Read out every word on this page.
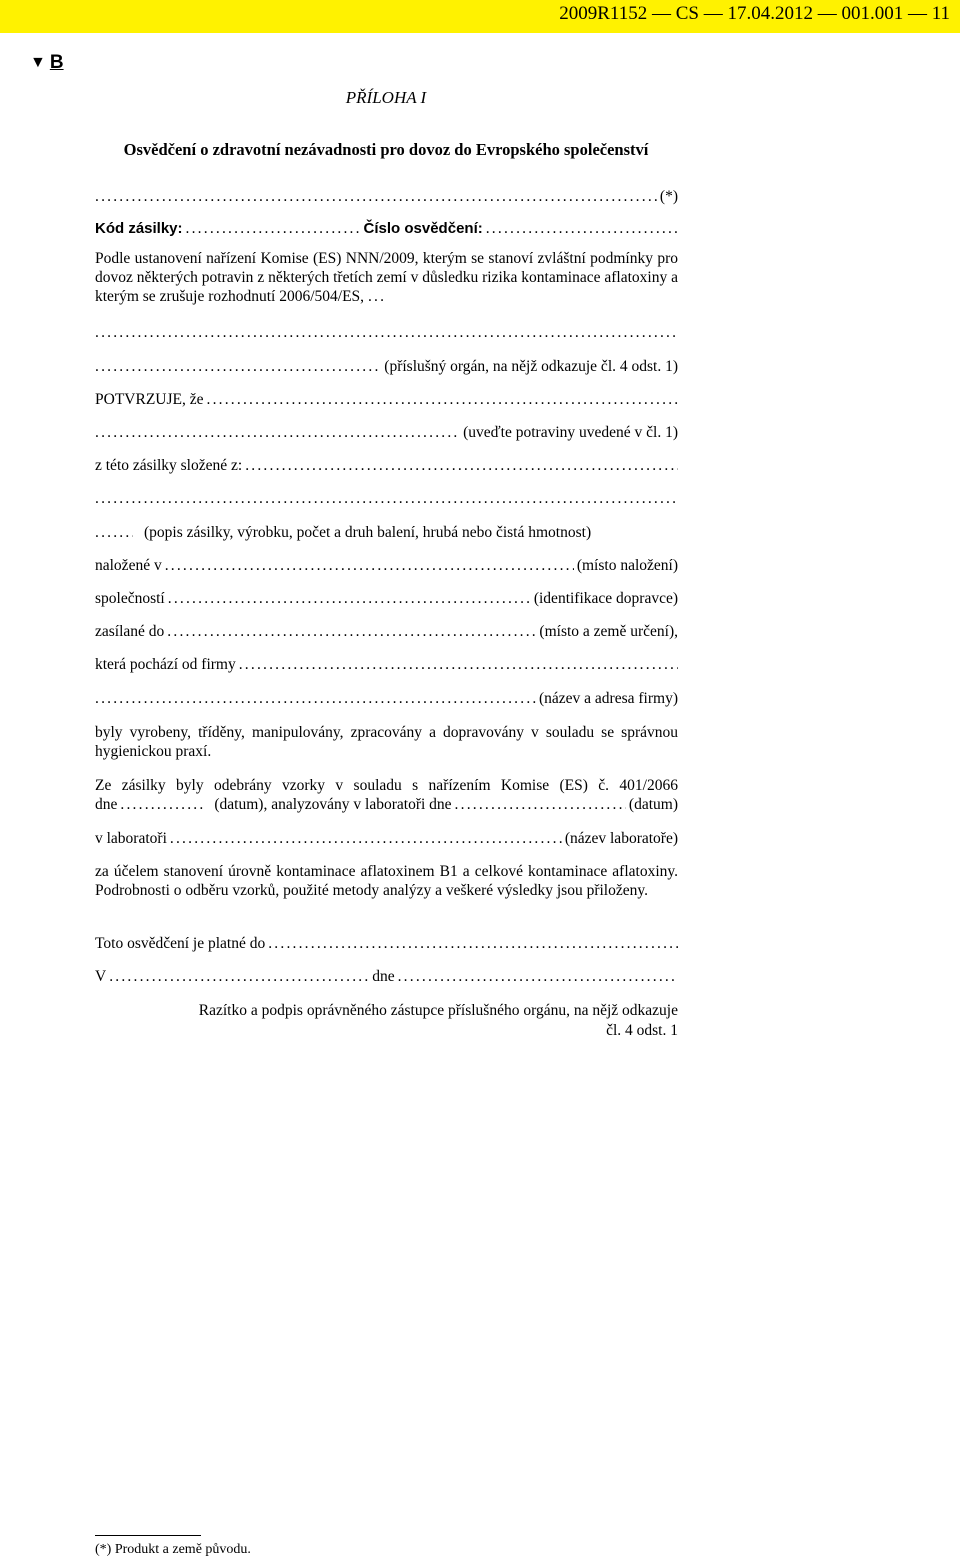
2009R1152 — CS — 17.04.2012 — 001.001 — 11
▼ B
PŘÍLOHA I
Osvědčení o zdravotní nezávadnosti pro dovoz do Evropského společenství
.....
(*)
Kód zásilky: .....	Číslo osvědčení:
.....
Podle ustanovení nařízení Komise (ES) NNN/2009, kterým se stanoví zvláštní podmínky pro dovoz některých potravin z některých třetích zemí v důsledku rizika kontaminace aflatoxiny a kterým se zrušuje rozhodnutí 2006/504/ES, ...
.....
.....
(příslušný orgán, na nějž odkazuje čl. 4 odst. 1)
POTVRZUJE, že
.....
.....
(uveďte potraviny uvedené v čl. 1)
z této zásilky složené z:
.....
.....
.....
(popis zásilky, výrobku, počet a druh balení, hrubá nebo čistá hmotnost)
naložené v .....	(místo naložení)
společností .....	(identifikace dopravce)
zasílané do .....	(místo a země určení),
která pochází od firmy
.....
.....
(název a adresa firmy)
byly vyrobeny, tříděny, manipulovány, zpracovány a dopravovány v souladu se správnou hygienickou praxí.
Ze zásilky byly odebrány vzorky v souladu s nařízením Komise (ES) č. 401/2066
dne .....	(datum), analyzovány v laboratoři dne .....	(datum)
v laboratoři .....	(název laboratoře)
za účelem stanovení úrovně kontaminace aflatoxinem B1 a celkové kontaminace aflatoxiny. Podrobnosti o odběru vzorků, použité metody analýzy a veškeré výsledky jsou přiloženy.
Toto osvědčení je platné do
.....
V .....	dne
.....
Razítko a podpis oprávněného zástupce příslušného orgánu, na nějž odkazuje
čl. 4 odst. 1
(*) Produkt a země původu.
